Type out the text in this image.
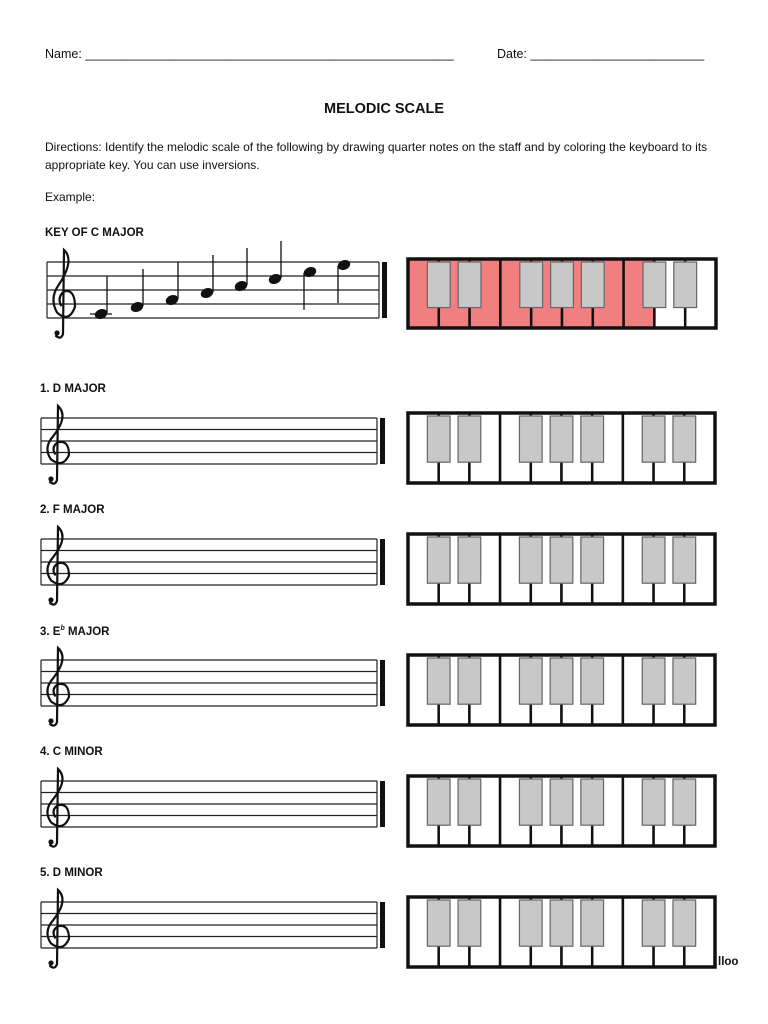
Name: _____________________________________________________	Date: _________________________
MELODIC SCALE
Directions: Identify the melodic scale of the following by drawing quarter notes on the staff and by coloring the keyboard to its appropriate key. You can use inversions.
Example:
KEY OF C MAJOR
1. D MAJOR
2. F MAJOR
3. $E^b$ MAJOR
4. C MINOR
5. D MINOR
lloo
